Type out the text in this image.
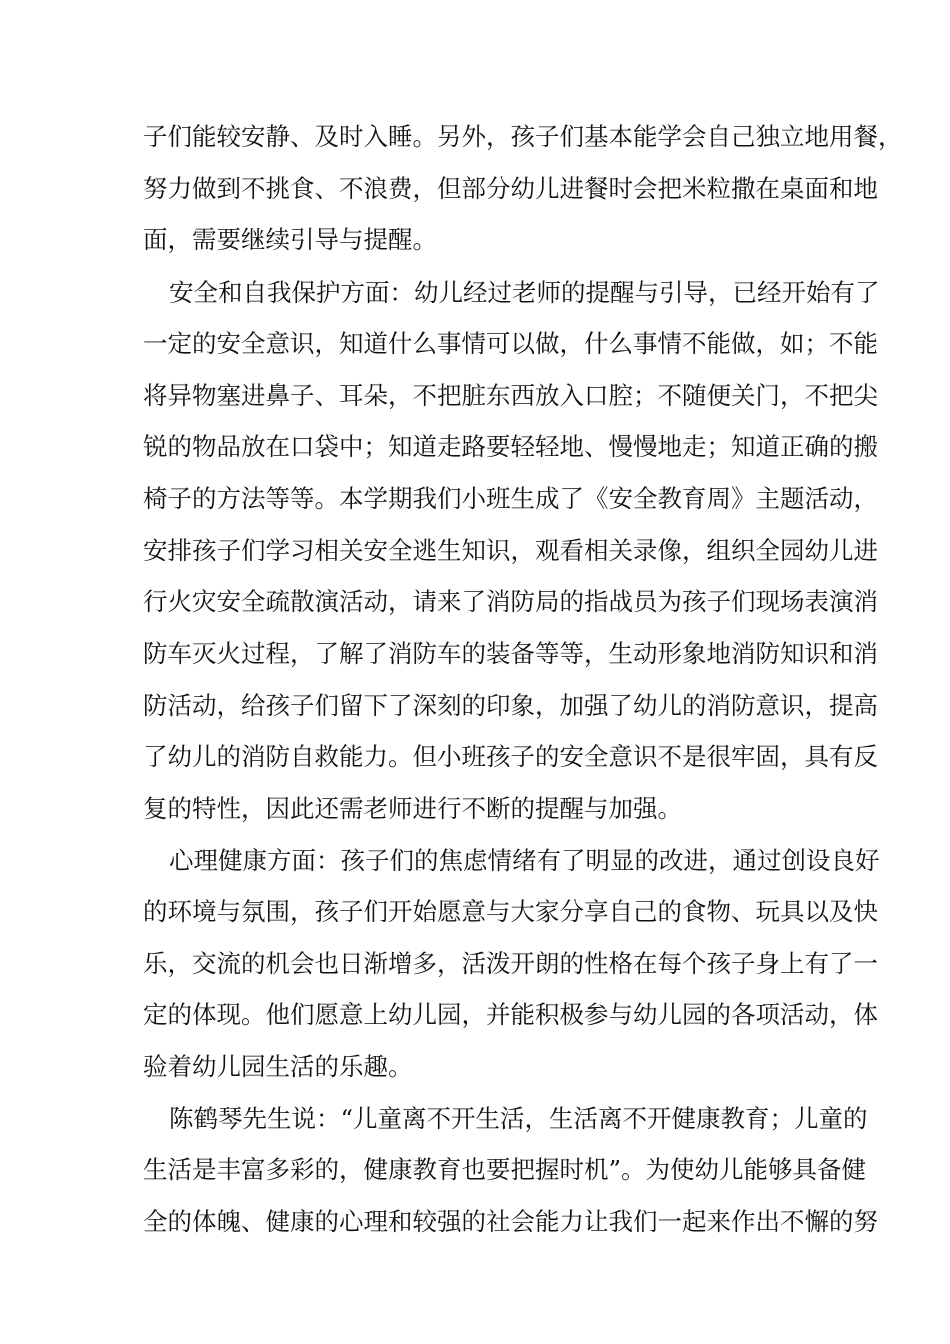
子们能较安静、及时入睡。另外，孩子们基本能学会自己独立地用餐，
努力做到不挑食、不浪费，但部分幼儿进餐时会把米粒撒在桌面和地
面，需要继续引导与提醒。
安全和自我保护方面：幼儿经过老师的提醒与引导，已经开始有了
一定的安全意识，知道什么事情可以做，什么事情不能做，如；不能
将异物塞进鼻子、耳朵，不把脏东西放入口腔；不随便关门，不把尖
锐的物品放在口袋中；知道走路要轻轻地、慢慢地走；知道正确的搬
椅子的方法等等。本学期我们小班生成了《安全教育周》主题活动，
安排孩子们学习相关安全逃生知识，观看相关录像，组织全园幼儿进
行火灾安全疏散演活动，请来了消防局的指战员为孩子们现场表演消
防车灭火过程，了解了消防车的装备等等，生动形象地消防知识和消
防活动，给孩子们留下了深刻的印象，加强了幼儿的消防意识，提高
了幼儿的消防自救能力。但小班孩子的安全意识不是很牢固，具有反
复的特性，因此还需老师进行不断的提醒与加强。
心理健康方面：孩子们的焦虑情绪有了明显的改进，通过创设良好
的环境与氛围，孩子们开始愿意与大家分享自己的食物、玩具以及快
乐，交流的机会也日渐增多，活泼开朗的性格在每个孩子身上有了一
定的体现。他们愿意上幼儿园，并能积极参与幼儿园的各项活动，体
验着幼儿园生活的乐趣。
陈鹤琴先生说：“儿童离不开生活，生活离不开健康教育；儿童的
生活是丰富多彩的，健康教育也要把握时机”。为使幼儿能够具备健
全的体魄、健康的心理和较强的社会能力让我们一起来作出不懈的努
